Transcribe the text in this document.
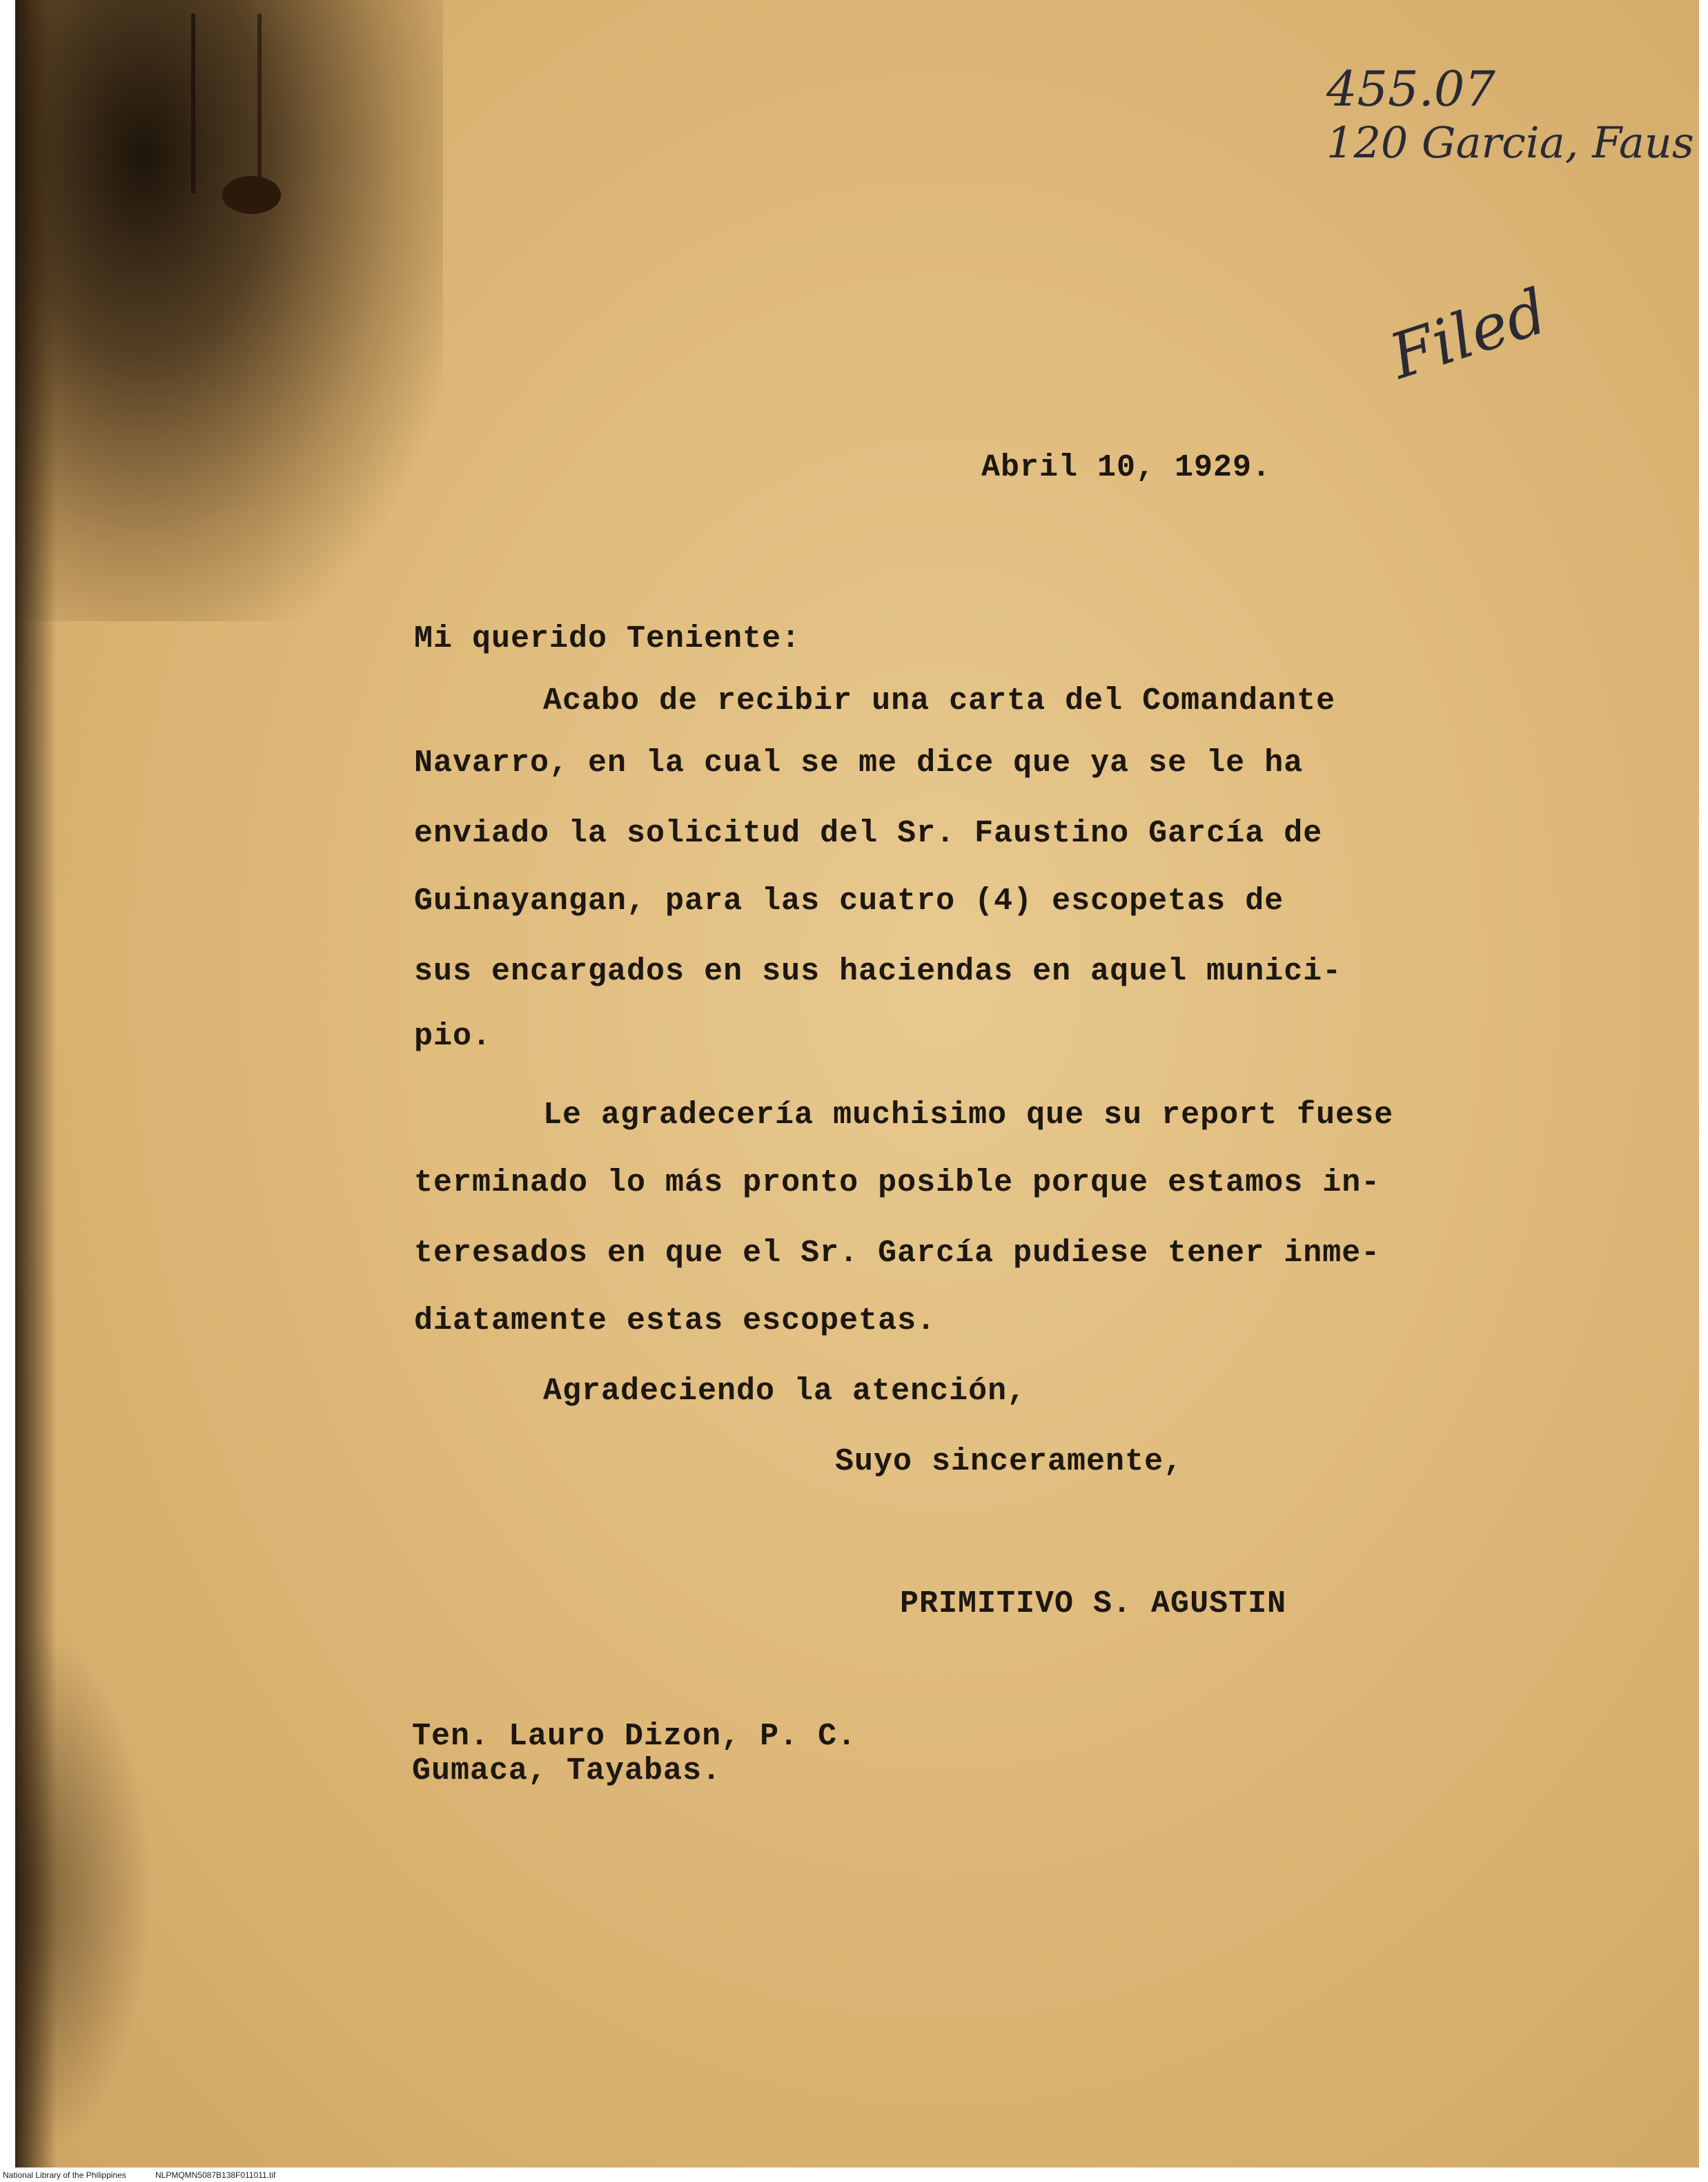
455.07
120 Garcia, Faus
Filed
Abril 10, 1929.
Mi querido Teniente:
Acabo de recibir una carta del Comandante
Navarro, en la cual se me dice que ya se le ha
enviado la solicitud del Sr. Faustino García de
Guinayangan, para las cuatro (4) escopetas de
sus encargados en sus haciendas en aquel munici-
pio.
Le agradecería muchisimo que su report fuese
terminado lo más pronto posible porque estamos in-
teresados en que el Sr. García pudiese tener inme-
diatamente estas escopetas.
Agradeciendo la atención,
Suyo sinceramente,
PRIMITIVO S. AGUSTIN
Ten. Lauro Dizon, P. C.
Gumaca, Tayabas.
National Library of the Philippines	NLPMQMN5087B138F011011.tif
